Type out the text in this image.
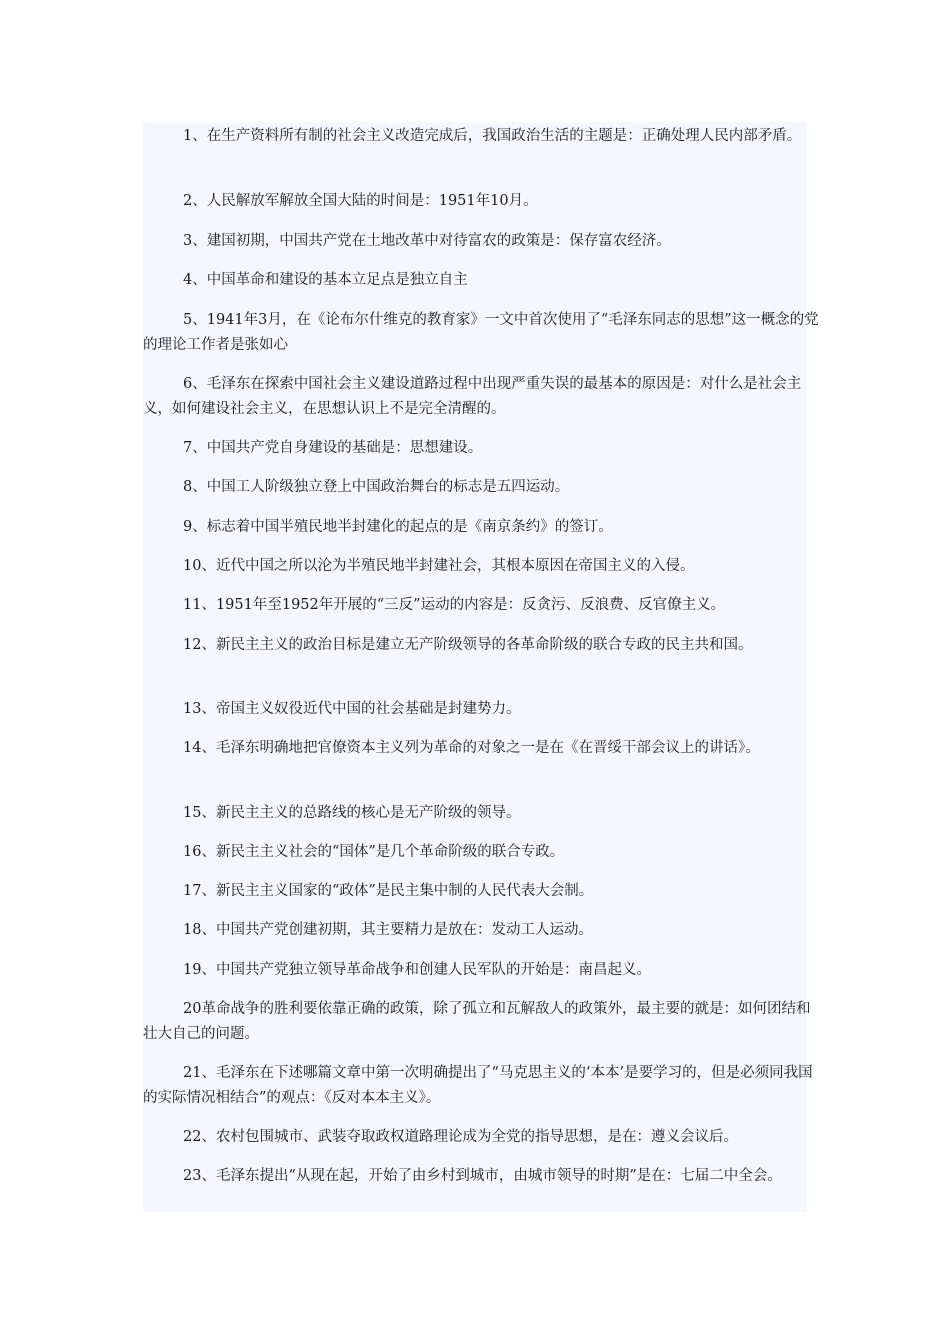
1、在生产资料所有制的社会主义改造完成后，我国政治生活的主题是：正确处理人民内部矛盾。

2、人民解放军解放全国大陆的时间是：1951年10月。

3、建国初期，中国共产党在土地改革中对待富农的政策是：保存富农经济。

4、中国革命和建设的基本立足点是独立自主

5、1941年3月，在《论布尔什维克的教育家》一文中首次使用了“毛泽东同志的思想”这一概念的党的理论工作者是张如心

6、毛泽东在探索中国社会主义建设道路过程中出现严重失误的最基本的原因是：对什么是社会主义，如何建设社会主义，在思想认识上不是完全清醒的。

7、中国共产党自身建设的基础是：思想建设。

8、中国工人阶级独立登上中国政治舞台的标志是五四运动。

9、标志着中国半殖民地半封建化的起点的是《南京条约》的签订。

10、近代中国之所以沦为半殖民地半封建社会，其根本原因在帝国主义的入侵。

11、1951年至1952年开展的“三反”运动的内容是：反贪污、反浪费、反官僚主义。

12、新民主主义的政治目标是建立无产阶级领导的各革命阶级的联合专政的民主共和国。

13、帝国主义奴役近代中国的社会基础是封建势力。

14、毛泽东明确地把官僚资本主义列为革命的对象之一是在《在晋绥干部会议上的讲话》。

15、新民主主义的总路线的核心是无产阶级的领导。

16、新民主主义社会的“国体”是几个革命阶级的联合专政。

17、新民主主义国家的“政体”是民主集中制的人民代表大会制。

18、中国共产党创建初期，其主要精力是放在：发动工人运动。

19、中国共产党独立领导革命战争和创建人民军队的开始是：南昌起义。

20革命战争的胜利要依靠正确的政策，除了孤立和瓦解敌人的政策外，最主要的就是：如何团结和壮大自己的问题。

21、毛泽东在下述哪篇文章中第一次明确提出了“马克思主义的‘本本’是要学习的，但是必须同我国的实际情况相结合”的观点：《反对本本主义》。

22、农村包围城市、武装夺取政权道路理论成为全党的指导思想，是在：遵义会议后。

23、毛泽东提出“从现在起，开始了由乡村到城市，由城市领导的时期”是在：七届二中全会。
